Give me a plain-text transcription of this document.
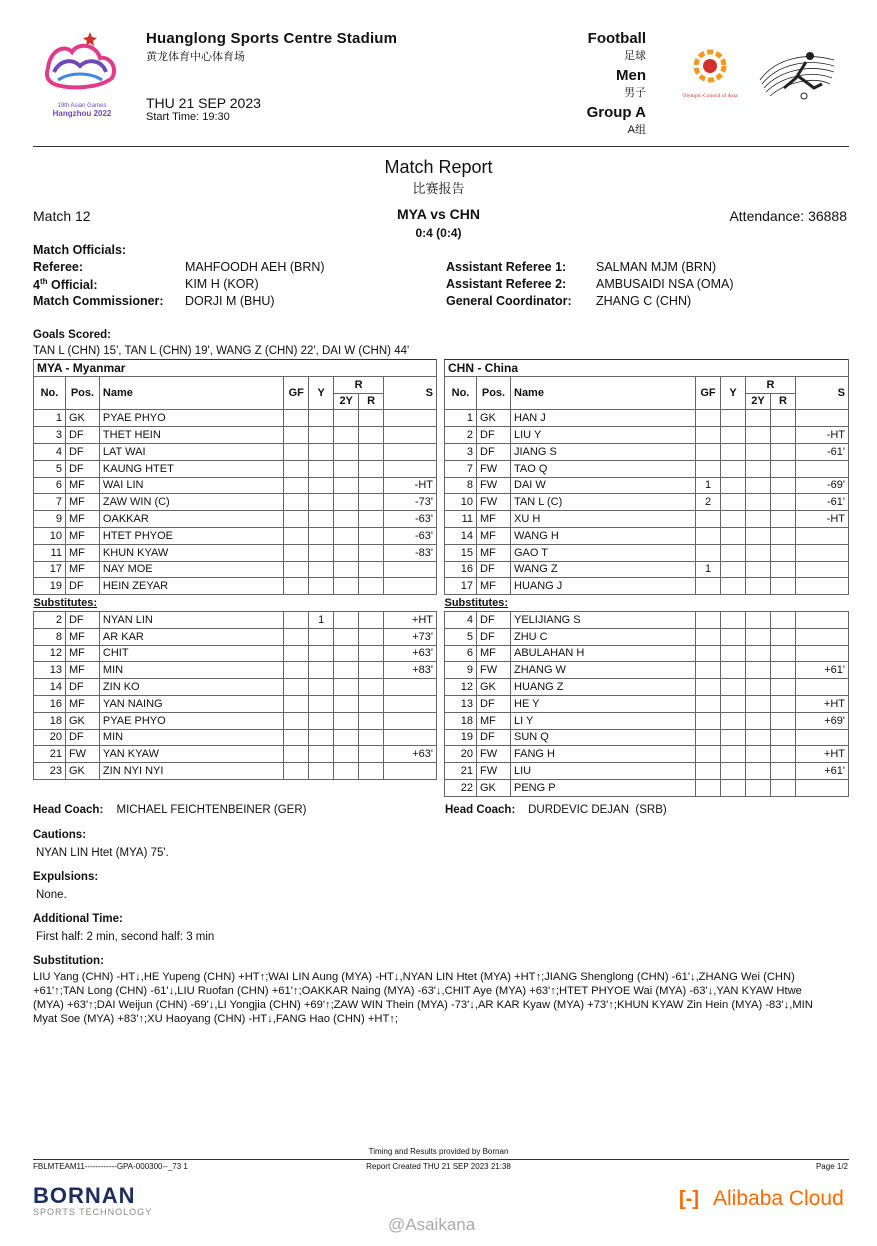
19th Asian Games
Hangzhou 2022
Huanglong Sports Centre Stadium
黄龙体育中心体育场
THU 21 SEP 2023
Start Time: 19:30
Football
足球
Men
男子
Group A
A组
Olympic Council of Asia
Match Report
比赛报告
Match 12	MYA vs CHN
0:4 (0:4)
Attendance: 36888
Match Officials:
Referee:	MAHFOODH AEH (BRN)
4th Official:	KIM H (KOR)
Match Commissioner: DORJI M (BHU)
Assistant Referee 1: SALMAN MJM (BRN)
Assistant Referee 2: AMBUSAIDI NSA (OMA)
General Coordinator: ZHANG C (CHN)
Goals Scored:
TAN L (CHN) 15', TAN L (CHN) 19', WANG Z (CHN) 22', DAI W (CHN) 44'
MYA - Myanmar							
No.	Pos.	Name	GF	Y	R		S
					2Y	R	
1	GK	PYAE PHYO					
3	DF	THET HEIN					
4	DF	LAT WAI					
5	DF	KAUNG HTET					
6	MF	WAI LIN					-HT
7	MF	ZAW WIN (C)					-73'
9	MF	OAKKAR					-63'
10	MF	HTET PHYOE					-63'
11	MF	KHUN KYAW					-83'
17	MF	NAY MOE					
19	DF	HEIN ZEYAR					
Substitutes:							
2	DF	NYAN LIN		1			+HT
8	MF	AR KAR					+73'
12	MF	CHIT					+63'
13	MF	MIN					+83'
14	DF	ZIN KO					
16	MF	YAN NAING					
18	GK	PYAE PHYO					
20	DF	MIN					
21	FW	YAN KYAW					+63'
23	GK	ZIN NYI NYI					
CHN - China							
No.	Pos.	Name	GF	Y	R		S
					2Y	R	
1	GK	HAN J					
2	DF	LIU Y					-HT
3	DF	JIANG S					-61'
7	FW	TAO Q					
8	FW	DAI W	1				-69'
10	FW	TAN L (C)	2				-61'
11	MF	XU H					-HT
14	MF	WANG H					
15	MF	GAO T					
16	DF	WANG Z	1				
17	MF	HUANG J					
Substitutes:							
4	DF	YELIJIANG S					
5	DF	ZHU C					
6	MF	ABULAHAN H					
9	FW	ZHANG W					+61'
12	GK	HUANG Z					
13	DF	HE Y					+HT
18	MF	LI Y					+69'
19	DF	SUN Q					
20	FW	FANG H					+HT
21	FW	LIU					+61'
22	GK	PENG P					
Head Coach: MICHAEL FEICHTENBEINER (GER)	Head Coach: DURDEVIC DEJAN  (SRB)
Cautions:
NYAN LIN Htet (MYA) 75'.
Expulsions:
None.
Additional Time:
First half: 2 min, second half: 3 min
Substitution:
LIU Yang (CHN) -HT↓,HE Yupeng (CHN) +HT↑;WAI LIN Aung (MYA) -HT↓,NYAN LIN Htet (MYA) +HT↑;JIANG Shenglong (CHN) -61'↓,ZHANG Wei (CHN) +61'↑;TAN Long (CHN) -61'↓,LIU Ruofan (CHN) +61'↑;OAKKAR Naing (MYA) -63'↓,CHIT Aye (MYA) +63'↑;HTET PHYOE Wai (MYA) -63'↓,YAN KYAW Htwe (MYA) +63'↑;DAI Weijun (CHN) -69'↓,LI Yongjia (CHN) +69'↑;ZAW WIN Thein (MYA) -73'↓,AR KAR Kyaw (MYA) +73'↑;KHUN KYAW Zin Hein (MYA) -83'↓,MIN Myat Soe (MYA) +83'↑;XU Haoyang (CHN) -HT↓,FANG Hao (CHN) +HT↑;
Timing and Results provided by Bornan
FBLMTEAM11------------GPA-000300--_73 1	Report Created THU 21 SEP 2023 21:38	Page 1/2
BORNAN
SPORTS TECHNOLOGY
@Asaikana
[-] Alibaba Cloud
